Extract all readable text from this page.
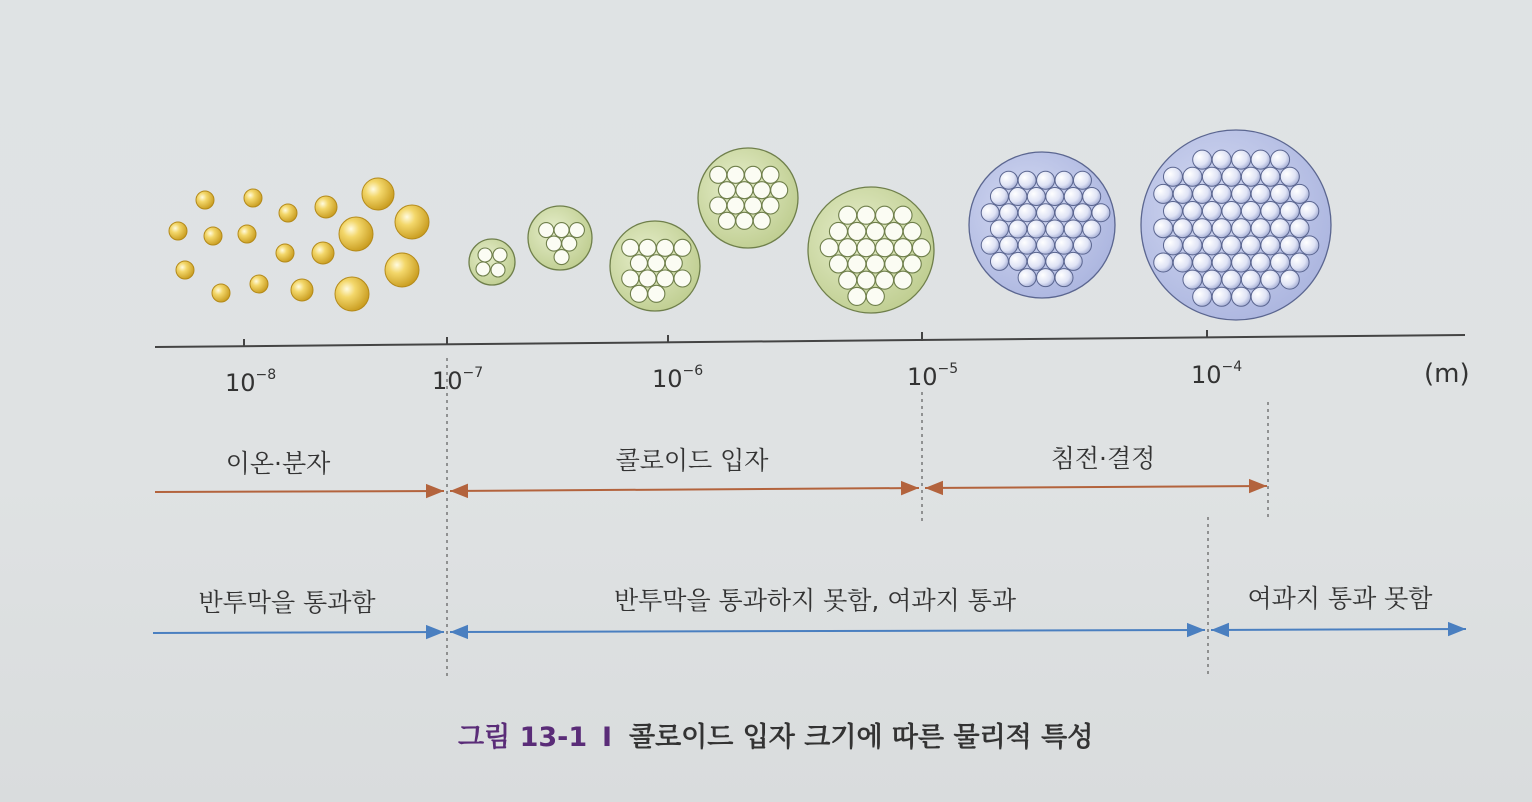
$10^{-8}$	$10^{-7}$	$10^{-6}$	$10^{-5}$	$10^{-4}$	(m)
이온·분자	콜로이드 입자	침전·결정
반투막을 통과함	반투막을 통과하지 못함, 여과지 통과	여과지 통과 못함
그림 13-1 I 콜로이드 입자 크기에 따른 물리적 특성
